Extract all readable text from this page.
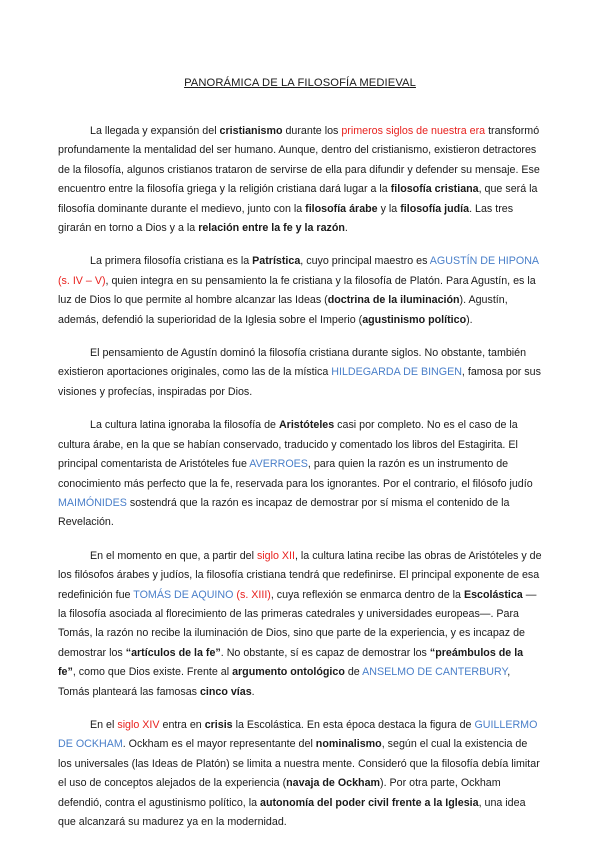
PANORÁMICA DE LA FILOSOFÍA MEDIEVAL

La llegada y expansión del cristianismo durante los primeros siglos de nuestra era transformó profundamente la mentalidad del ser humano. Aunque, dentro del cristianismo, existieron detractores de la filosofía, algunos cristianos trataron de servirse de ella para difundir y defender su mensaje. Ese encuentro entre la filosofía griega y la religión cristiana dará lugar a la filosofía cristiana, que será la filosofía dominante durante el medievo, junto con la filosofía árabe y la filosofía judía. Las tres girarán en torno a Dios y a la relación entre la fe y la razón.

La primera filosofía cristiana es la Patrística, cuyo principal maestro es AGUSTÍN DE HIPONA (s. IV – V), quien integra en su pensamiento la fe cristiana y la filosofía de Platón. Para Agustín, es la luz de Dios lo que permite al hombre alcanzar las Ideas (doctrina de la iluminación). Agustín, además, defendió la superioridad de la Iglesia sobre el Imperio (agustinismo político).

El pensamiento de Agustín dominó la filosofía cristiana durante siglos. No obstante, también existieron aportaciones originales, como las de la mística HILDEGARDA DE BINGEN, famosa por sus visiones y profecías, inspiradas por Dios.

La cultura latina ignoraba la filosofía de Aristóteles casi por completo. No es el caso de la cultura árabe, en la que se habían conservado, traducido y comentado los libros del Estagirita. El principal comentarista de Aristóteles fue AVERROES, para quien la razón es un instrumento de conocimiento más perfecto que la fe, reservada para los ignorantes. Por el contrario, el filósofo judío MAIMÓNIDES sostendrá que la razón es incapaz de demostrar por sí misma el contenido de la Revelación.

En el momento en que, a partir del siglo XII, la cultura latina recibe las obras de Aristóteles y de los filósofos árabes y judíos, la filosofía cristiana tendrá que redefinirse. El principal exponente de esa redefinición fue TOMÁS DE AQUINO (s. XIII), cuya reflexión se enmarca dentro de la Escolástica —la filosofía asociada al florecimiento de las primeras catedrales y universidades europeas—. Para Tomás, la razón no recibe la iluminación de Dios, sino que parte de la experiencia, y es incapaz de demostrar los “artículos de la fe”. No obstante, sí es capaz de demostrar los “preámbulos de la fe”, como que Dios existe. Frente al argumento ontológico de ANSELMO DE CANTERBURY, Tomás planteará las famosas cinco vías.

En el siglo XIV entra en crisis la Escolástica. En esta época destaca la figura de GUILLERMO DE OCKHAM. Ockham es el mayor representante del nominalismo, según el cual la existencia de los universales (las Ideas de Platón) se limita a nuestra mente. Consideró que la filosofía debía limitar el uso de conceptos alejados de la experiencia (navaja de Ockham). Por otra parte, Ockham defendió, contra el agustinismo político, la autonomía del poder civil frente a la Iglesia, una idea que alcanzará su madurez ya en la modernidad.
